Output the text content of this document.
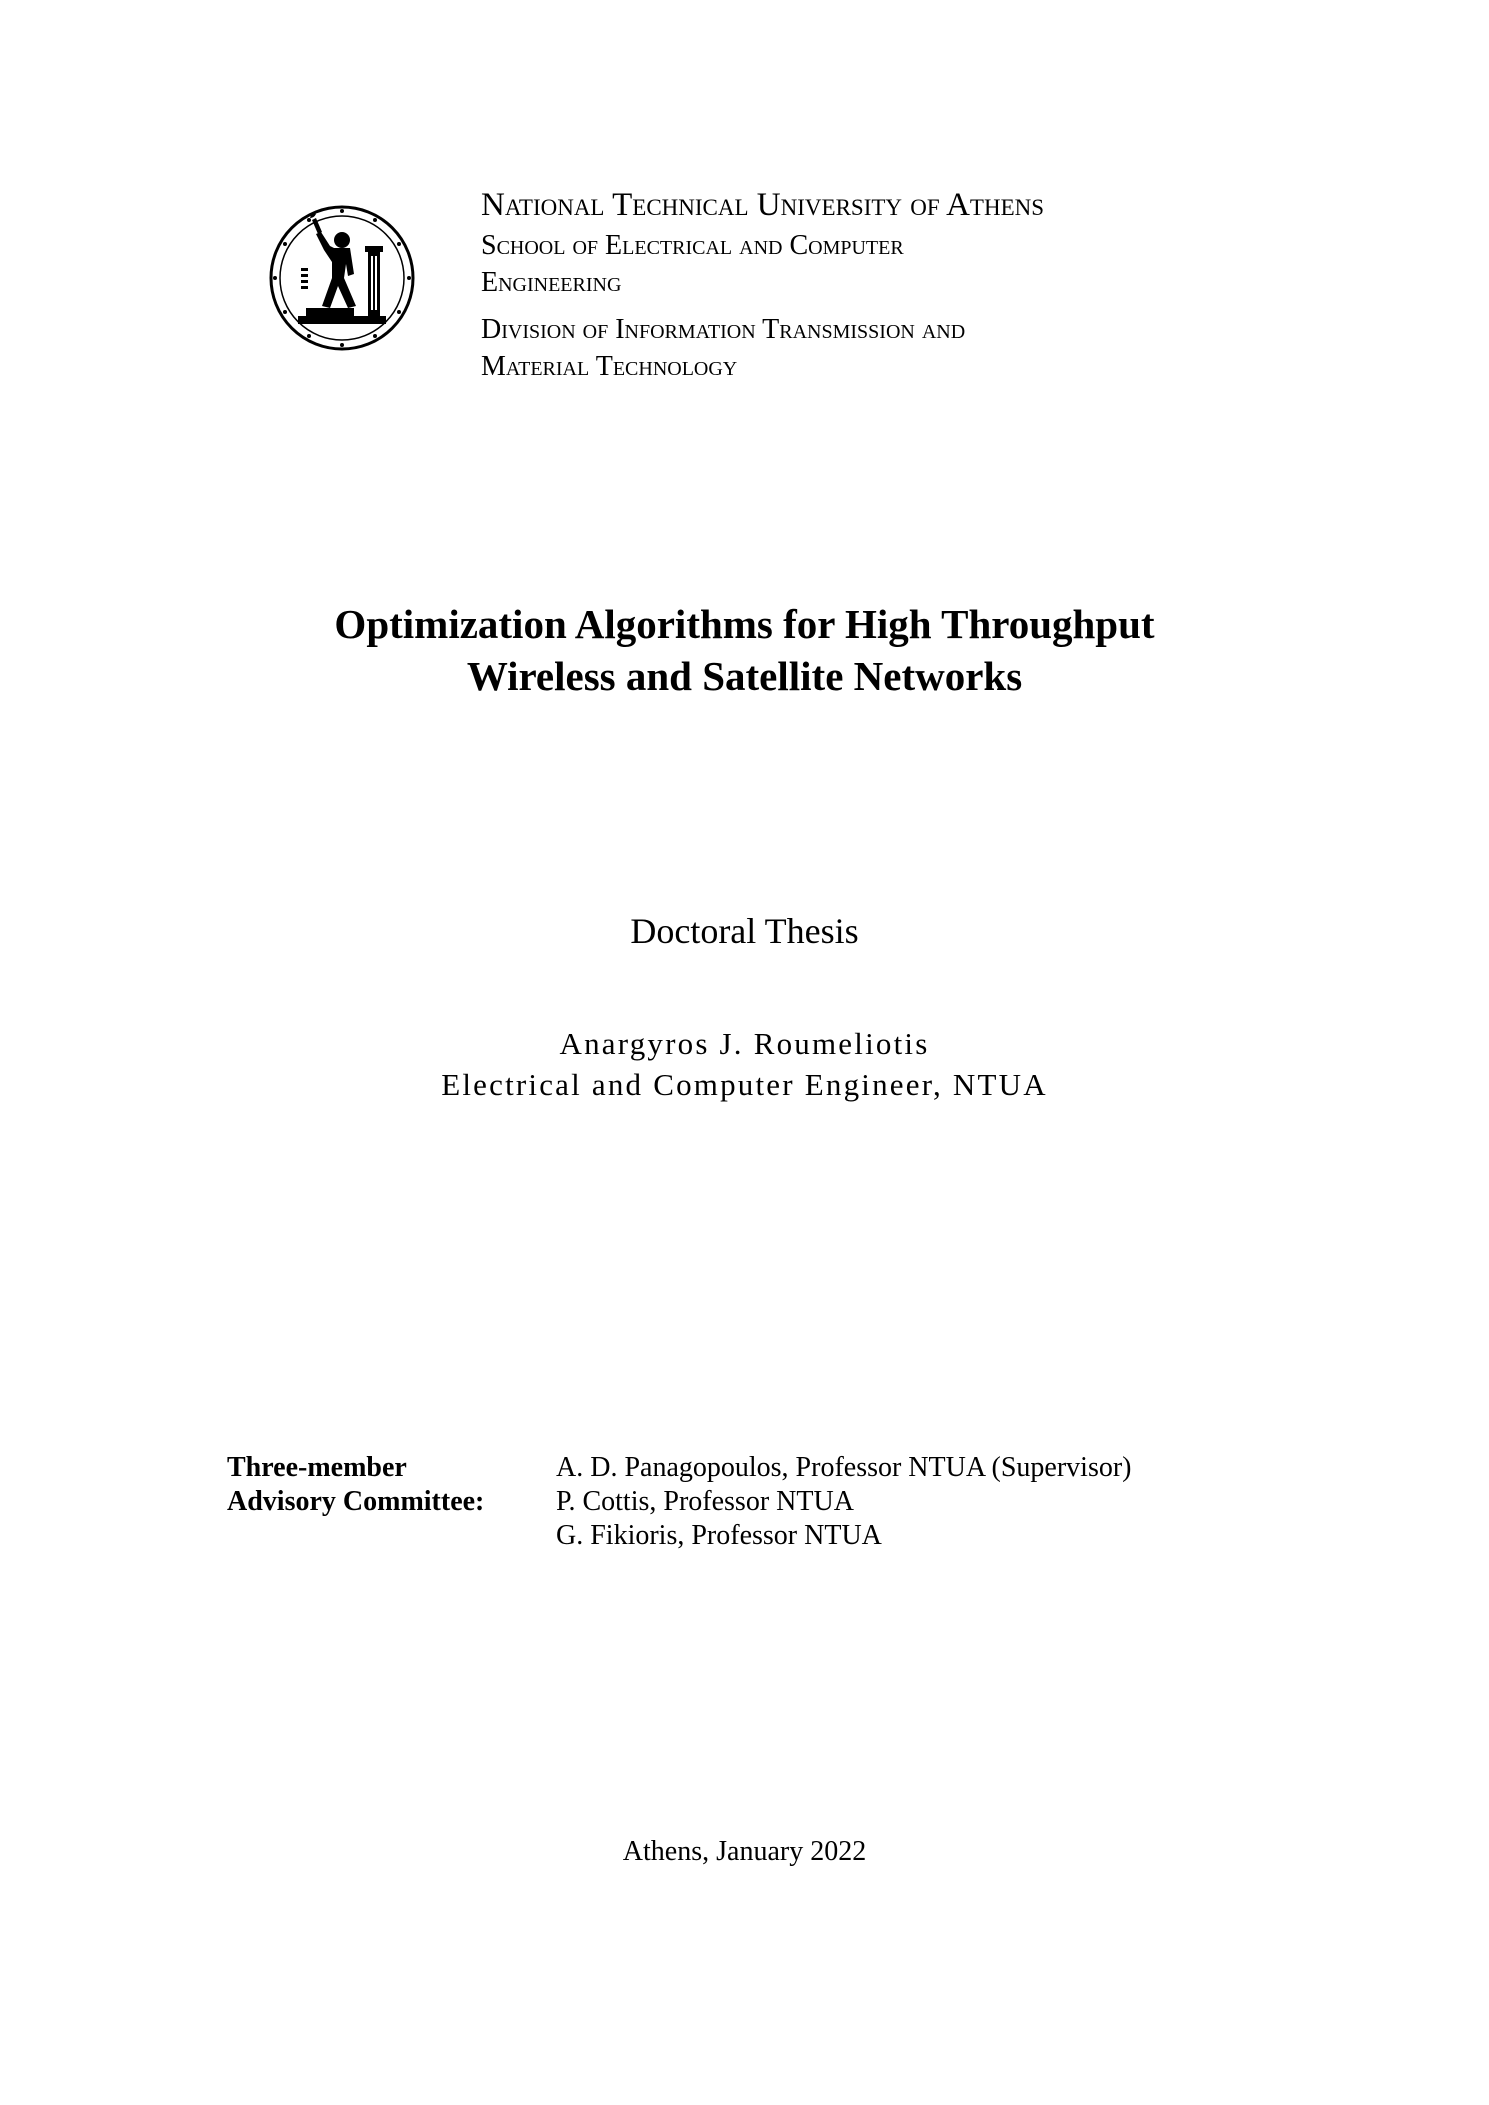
National Technical University of Athens

School of Electrical and Computer
Engineering

Division of Information Transmission and
Material Technology

Optimization Algorithms for High Throughput
Wireless and Satellite Networks
Doctoral Thesis
Anargyros J. Roumeliotis
Electrical and Computer Engineer, NTUA
Three-member
Advisory Committee:
A. D. Panagopoulos, Professor NTUA (Supervisor)
P. Cottis, Professor NTUA
G. Fikioris, Professor NTUA
Athens, January 2022
